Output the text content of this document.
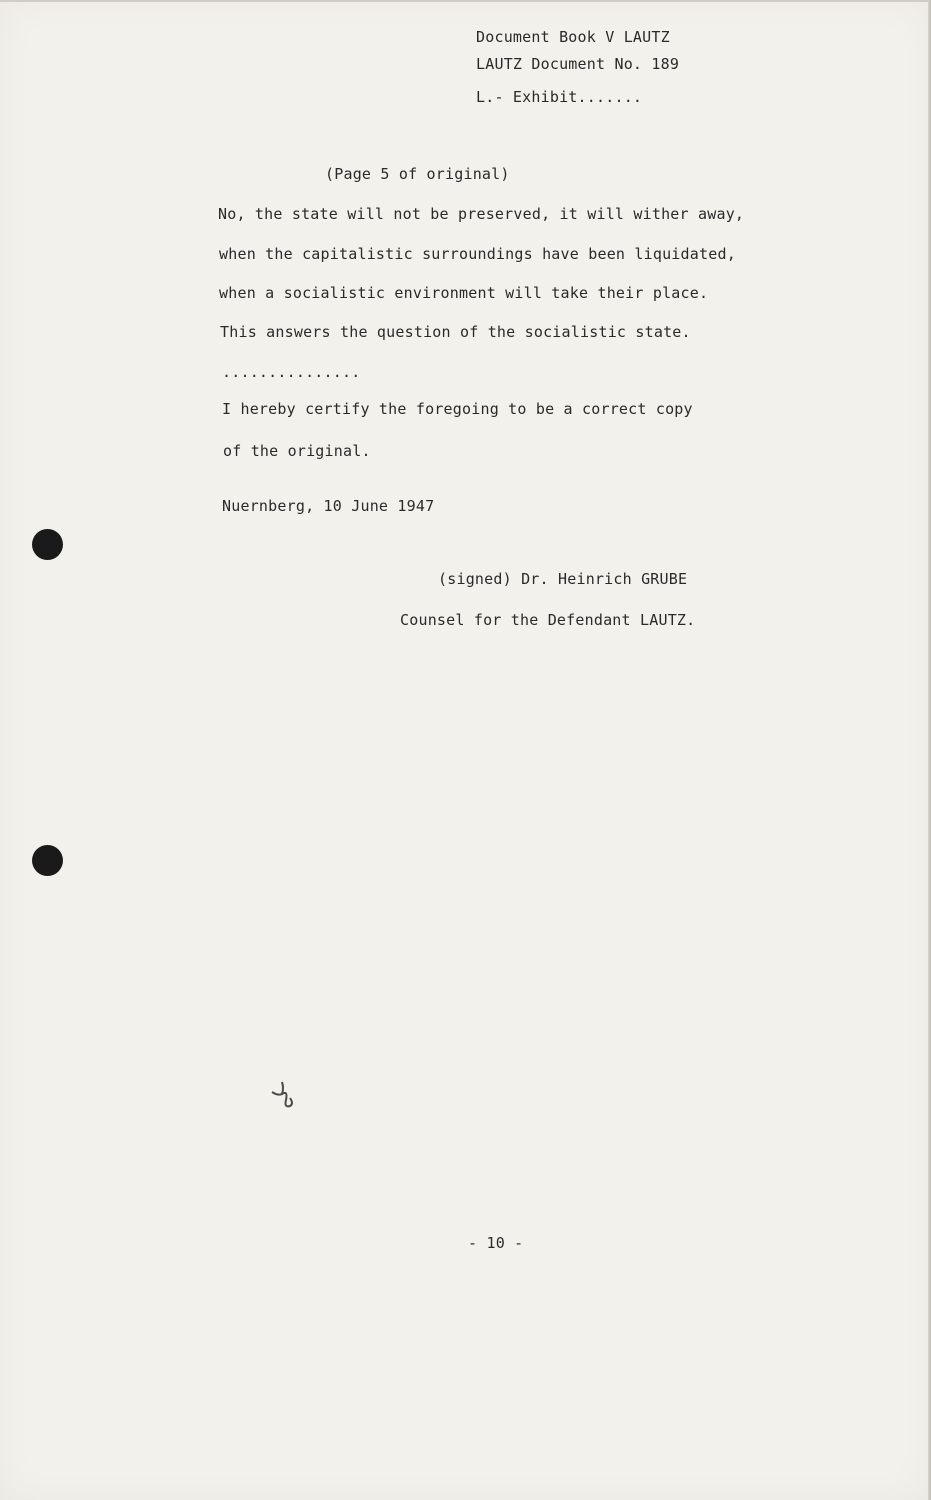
Document Book V LAUTZ
LAUTZ Document No. 189
L.- Exhibit.......
(Page 5 of original)
No, the state will not be preserved, it will wither away,
when the capitalistic surroundings have been liquidated,
when a socialistic environment will take their place.
This answers the question of the socialistic state.
...............
I hereby certify the foregoing to be a correct copy
of the original.
Nuernberg, 10 June 1947
(signed) Dr. Heinrich GRUBE
Counsel for the Defendant LAUTZ.
- 10 -
